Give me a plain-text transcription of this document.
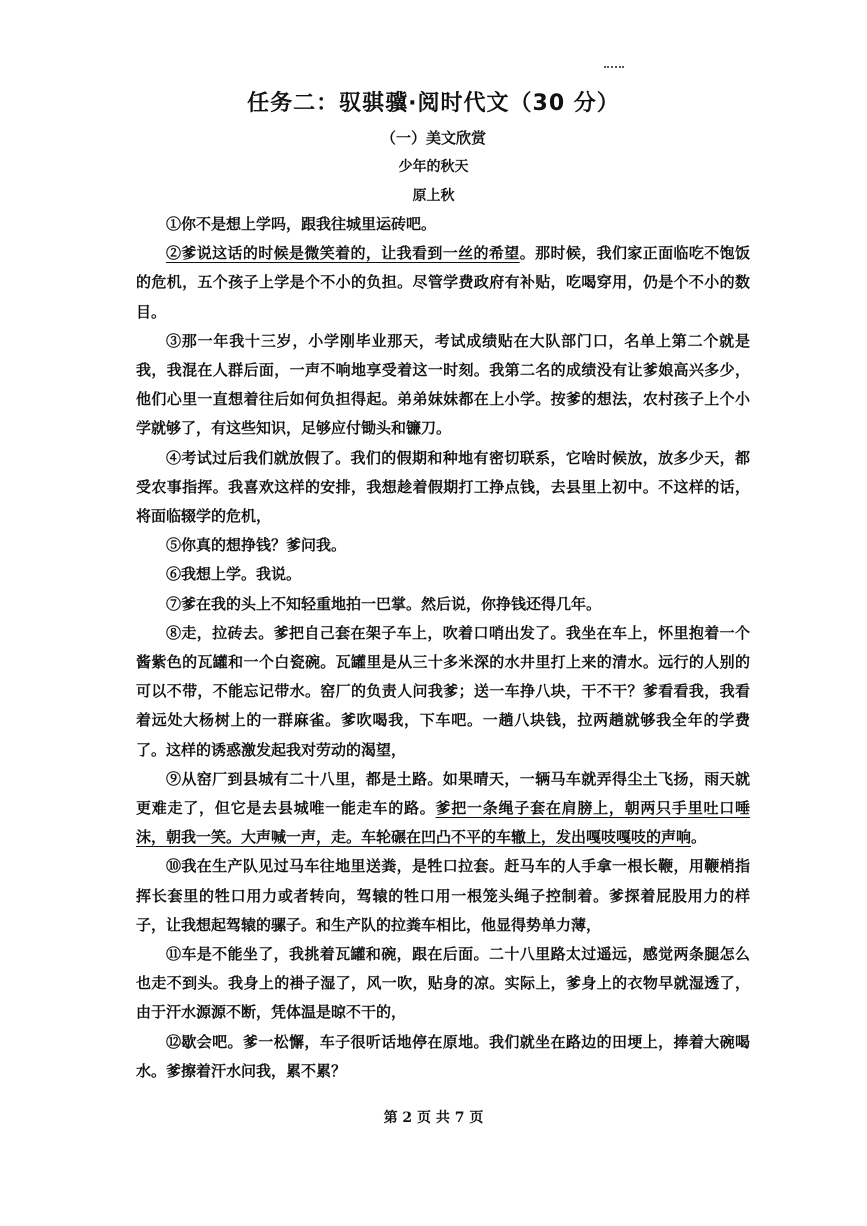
任务二：驭骐骥·阅时代文（30 分）
（一）美文欣赏
少年的秋天
原上秋

①你不是想上学吗，跟我往城里运砖吧。

②爹说这话的时候是微笑着的，让我看到一丝的希望。那时候，我们家正面临吃不饱饭的危机，五个孩子上学是个不小的负担。尽管学费政府有补贴，吃喝穿用，仍是个不小的数目。

③那一年我十三岁，小学刚毕业那天，考试成绩贴在大队部门口，名单上第二个就是我，我混在人群后面，一声不响地享受着这一时刻。我第二名的成绩没有让爹娘高兴多少，他们心里一直想着往后如何负担得起。弟弟妹妹都在上小学。按爹的想法，农村孩子上个小学就够了，有这些知识，足够应付锄头和镰刀。

④考试过后我们就放假了。我们的假期和种地有密切联系，它啥时候放，放多少天，都受农事指挥。我喜欢这样的安排，我想趁着假期打工挣点钱，去县里上初中。不这样的话，将面临辍学的危机，

⑤你真的想挣钱？爹问我。

⑥我想上学。我说。

⑦爹在我的头上不知轻重地拍一巴掌。然后说，你挣钱还得几年。

⑧走，拉砖去。爹把自己套在架子车上，吹着口哨出发了。我坐在车上，怀里抱着一个酱紫色的瓦罐和一个白瓷碗。瓦罐里是从三十多米深的水井里打上来的清水。远行的人别的可以不带，不能忘记带水。窑厂的负责人问我爹；送一车挣八块，干不干？爹看看我，我看着远处大杨树上的一群麻雀。爹吹喝我，下车吧。一趟八块钱，拉两趟就够我全年的学费了。这样的诱惑激发起我对劳动的渴望，

⑨从窑厂到县城有二十八里，都是土路。如果晴天，一辆马车就弄得尘土飞扬，雨天就更难走了，但它是去县城唯一能走车的路。爹把一条绳子套在肩膀上，朝两只手里吐口唾沫，朝我一笑。大声喊一声，走。车轮碾在凹凸不平的车辙上，发出嘎吱嘎吱的声响。

⑩我在生产队见过马车往地里送粪，是牲口拉套。赶马车的人手拿一根长鞭，用鞭梢指挥长套里的牲口用力或者转向，驾辕的牲口用一根笼头绳子控制着。爹探着屁股用力的样子，让我想起驾辕的骡子。和生产队的拉粪车相比，他显得势单力薄，

⑪车是不能坐了，我挑着瓦罐和碗，跟在后面。二十八里路太过遥远，感觉两条腿怎么也走不到头。我身上的褂子湿了，风一吹，贴身的凉。实际上，爹身上的衣物早就湿透了，由于汗水源源不断，凭体温是晾不干的，

⑫歇会吧。爹一松懈，车子很听话地停在原地。我们就坐在路边的田埂上，捧着大碗喝水。爹擦着汗水问我，累不累？

第 2 页 共 7 页
